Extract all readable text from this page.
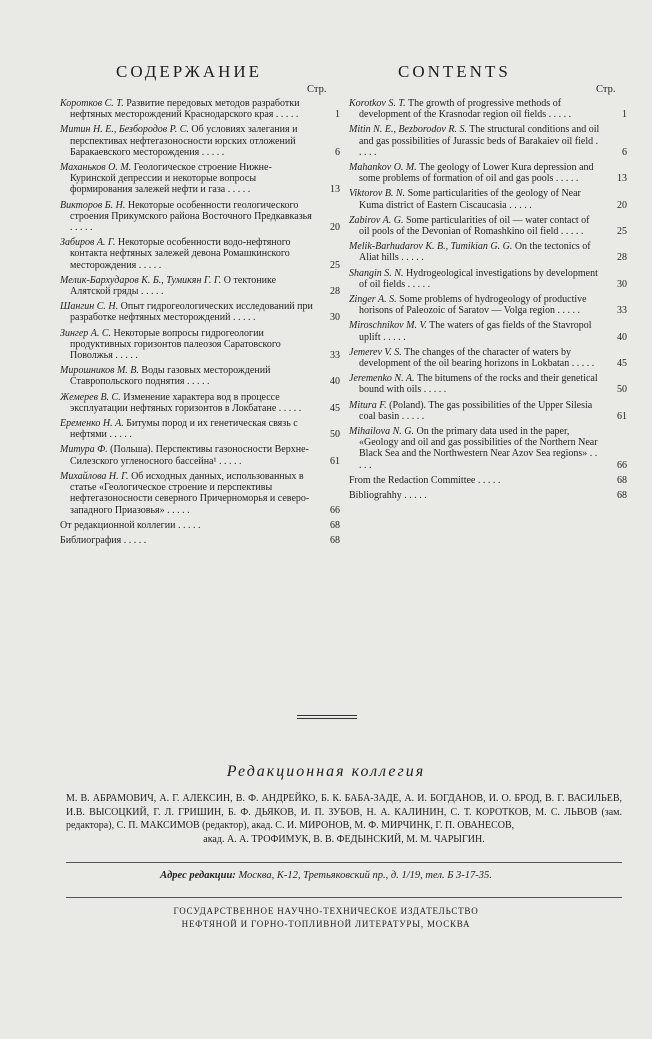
СОДЕРЖАНИЕ	CONTENTS
Стр.	Стр.
Коротков С. Т. Развитие передовых методов разработки нефтяных месторождений Краснодарского края . . . . .	1
Митин Н. Е., Безбородов Р. С. Об условиях залегания и перспективах нефтегазоносности юрских отложений Баракаевского месторождения . . . . .	6
Маханьков О. М. Геологическое строение Нижне-Куринской депрессии и некоторые вопросы формирования залежей нефти и газа . . . . .	13
Викторов Б. Н. Некоторые особенности геологического строения Прикумского района Восточного Предкавказья . . . . .	20
Забиров А. Г. Некоторые особенности водо-нефтяного контакта нефтяных залежей девона Ромашкинского месторождения . . . . .	25
Мелик-Бархударов К. Б., Тумикян Г. Г. О тектонике Алятской гряды . . . . .	28
Шангин С. Н. Опыт гидрогеологических исследований при разработке нефтяных месторождений . . . . .	30
Зингер А. С. Некоторые вопросы гидрогеологии продуктивных горизонтов палеозоя Саратовского Поволжья . . . . .	33
Мирошников М. В. Воды газовых месторождений Ставропольского поднятия . . . . .	40
Жемерев В. С. Изменение характера вод в процессе эксплуатации нефтяных горизонтов в Локбатане . . . . .	45
Еременко Н. А. Битумы пород и их генетическая связь с нефтями . . . . .	50
Митура Ф. (Польша). Перспективы газоносности Верхне-Силезского угленосного бассейна¹ . . . . .	61
Михайлова Н. Г. Об исходных данных, использованных в статье «Геологическое строение и перспективы нефтегазоносности северного Причерноморья и северо-западного Приазовья» . . . . .	66
От редакционной коллегии . . . . .	68
Библиография . . . . .	68
Korotkov S. T. The growth of progressive methods of development of the Krasnodar region oil fields . . . . .	1
Mitin N. E., Bezborodov R. S. The structural conditions and oil and gas possibilities of Jurassic beds of Barakaiev oil field . . . . .	6
Mahankov O. M. The geology of Lower Kura depression and some problems of formation of oil and gas pools . . . . .	13
Viktorov B. N. Some particularities of the geology of Near Kuma district of Eastern Ciscaucasia . . . . .	20
Zabirov A. G. Some particularities of oil — water contact of oil pools of the Devonian of Romashkino oil field . . . . .	25
Melik-Barhudarov K. B., Tumikian G. G. On the tectonics of Aliat hills . . . . .	28
Shangin S. N. Hydrogeological investigations by development of oil fields . . . . .	30
Zinger A. S. Some problems of hydrogeology of productive horisons of Paleozoic of Saratov — Volga region . . . . .	33
Miroschnikov M. V. The waters of gas fields of the Stavropol uplift . . . . .	40
Jemerev V. S. The changes of the character of waters by development of the oil bearing horizons in Lokbatan . . . . .	45
Jeremenko N. A. The bitumens of the rocks and their genetical bound with oils . . . . .	50
Mitura F. (Poland). The gas possibilities of the Upper Silesia coal basin . . . . .	61
Mihailova N. G. On the primary data used in the paper, «Geology and oil and gas possibilities of the Northern Near Black Sea and the Northwestern Near Azov Sea regions» . . . . .	66
From the Redaction Committee . . . . .	68
Bibliograhhy . . . . .	68
Редакционная коллегия
М. В. АБРАМОВИЧ, А. Г. АЛЕКСИН, В. Ф. АНДРЕЙКО, Б. К. БАБА-ЗАДЕ, А. И. БОГДАНОВ, И. О. БРОД, В. Г. ВАСИЛЬЕВ, И.В. ВЫСОЦКИЙ, Г. Л. ГРИШИН, Б. Ф. ДЬЯКОВ, И. П. ЗУБОВ, Н. А. КАЛИНИН, С. Т. КОРОТКОВ, М. С. ЛЬВОВ (зам. редактора), С. П. МАКСИМОВ (редактор), акад. С. И. МИРОНОВ, М. Ф. МИРЧИНК, Г. П. ОВАНЕСОВ,
акад. А. А. ТРОФИМУК, В. В. ФЕДЫНСКИЙ, М. М. ЧАРЫГИН.
Адрес редакции: Москва, К-12, Третьяковский пр., д. 1/19, тел. Б 3-17-35.
ГОСУДАРСТВЕННОЕ НАУЧНО-ТЕХНИЧЕСКОЕ ИЗДАТЕЛЬСТВО
НЕФТЯНОЙ И ГОРНО-ТОПЛИВНОЙ ЛИТЕРАТУРЫ, МОСКВА
